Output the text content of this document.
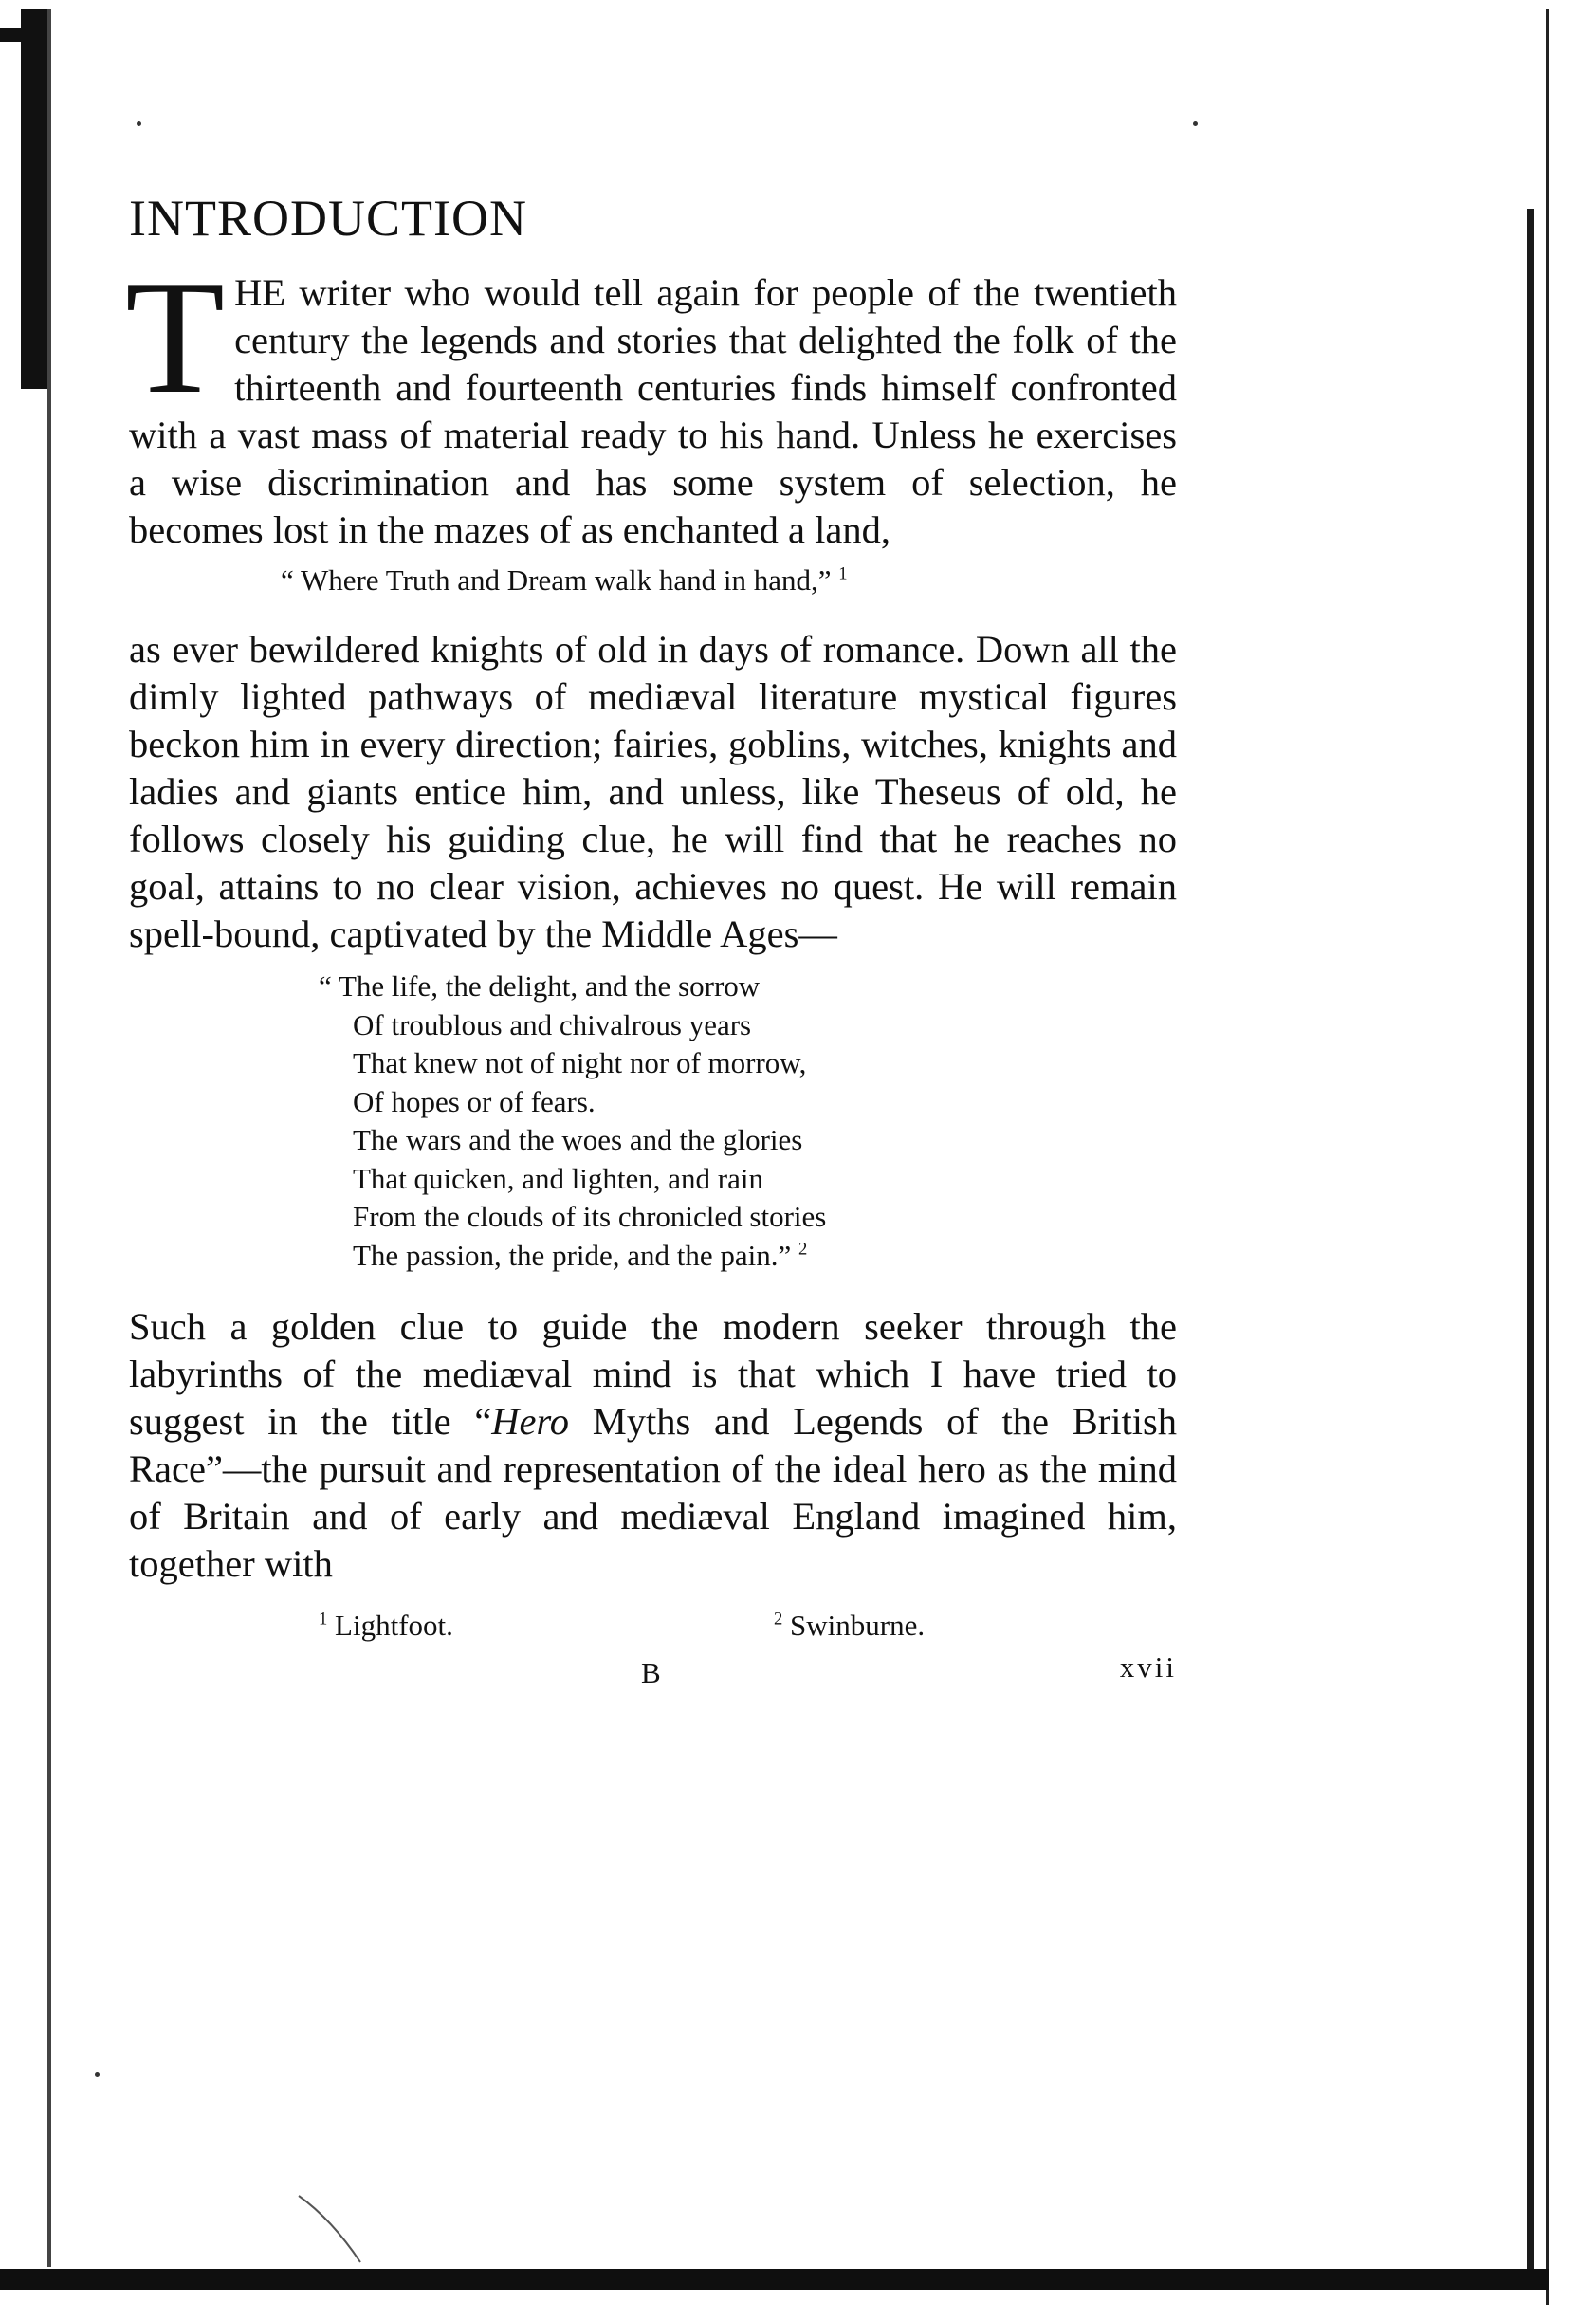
INTRODUCTION

THE writer who would tell again for people of the twentieth century the legends and stories that delighted the folk of the thirteenth and fourteenth centuries finds himself confronted with a vast mass of material ready to his hand. Unless he exercises a wise discrimination and has some system of selection, he becomes lost in the mazes of as enchanted a land,

“ Where Truth and Dream walk hand in hand,” $^1$

as ever bewildered knights of old in days of romance. Down all the dimly lighted pathways of mediæval literature mystical figures beckon him in every direction; fairies, goblins, witches, knights and ladies and giants entice him, and unless, like Theseus of old, he follows closely his guiding clue, he will find that he reaches no goal, attains to no clear vision, achieves no quest. He will remain spell-bound, captivated by the Middle Ages—

“ The life, the delight, and the sorrow
Of troublous and chivalrous years
That knew not of night nor of morrow,
Of hopes or of fears.
The wars and the woes and the glories
That quicken, and lighten, and rain
From the clouds of its chronicled stories
The passion, the pride, and the pain.” $^2$

Such a golden clue to guide the modern seeker through the labyrinths of the mediæval mind is that which I have tried to suggest in the title “Hero Myths and Legends of the British Race”—the pursuit and representation of the ideal hero as the mind of Britain and of early and mediæval England imagined him, together with

$^1$ Lightfoot.	$^2$ Swinburne.
B	xvii
